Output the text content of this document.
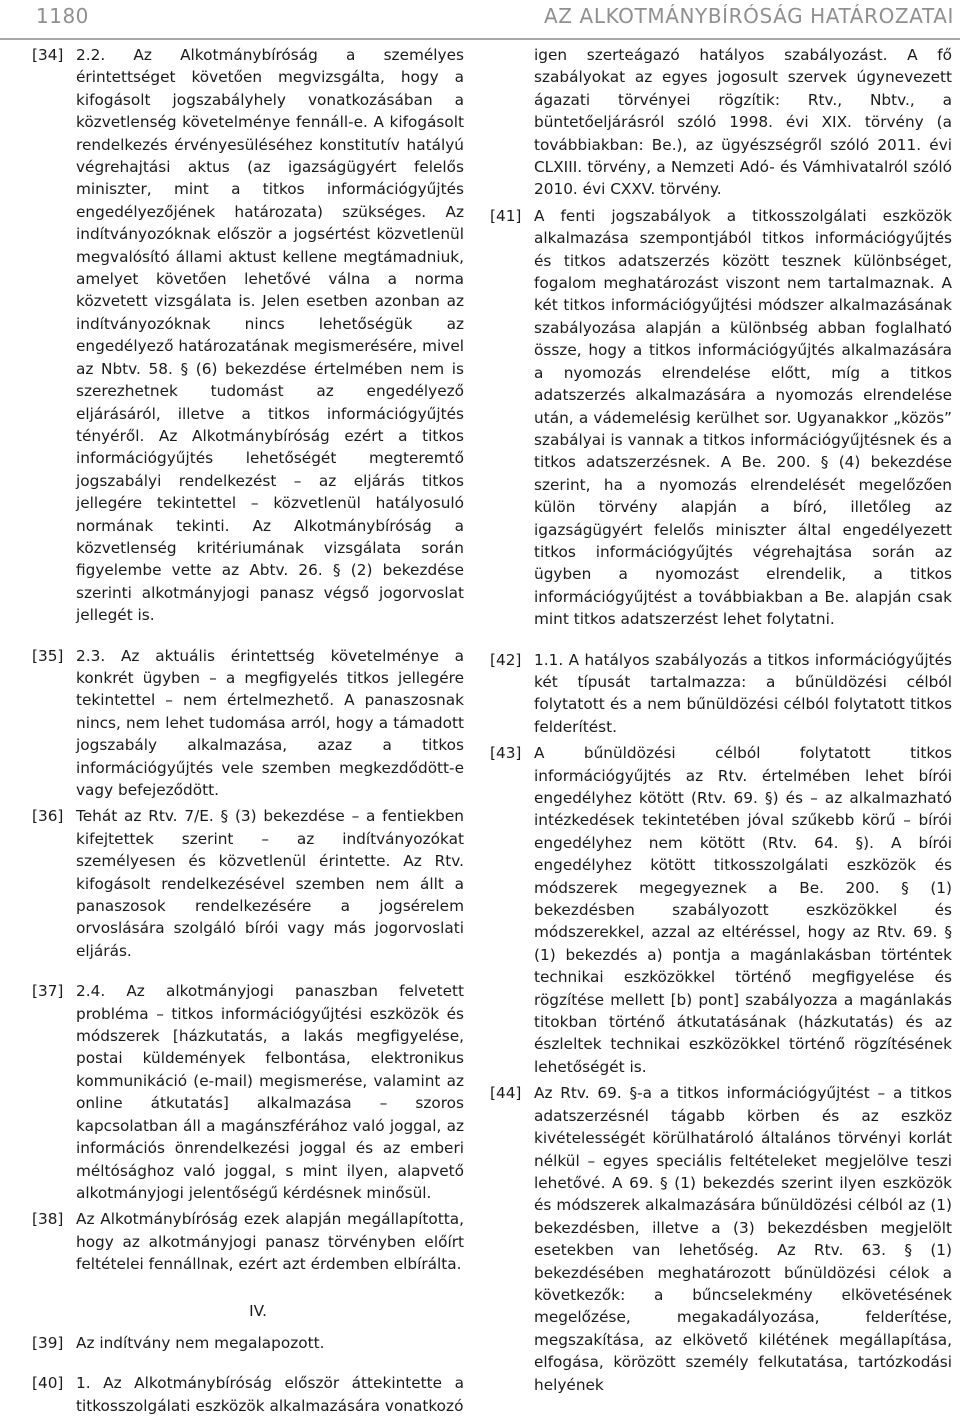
1180	AZ ALKOTMÁNYBÍRÓSÁG HATÁROZATAI
[34] 2.2. Az Alkotmánybíróság a személyes érintettséget követően megvizsgálta, hogy a kifogásolt jogszabályhely vonatkozásában a közvetlenség követelménye fennáll-e. A kifogásolt rendelkezés érvényesüléséhez konstitutív hatályú végrehajtási aktus (az igazságügyért felelős miniszter, mint a titkos információgyűjtés engedélyezőjének határozata) szükséges. Az indítványozóknak először a jogsértést közvetlenül megvalósító állami aktust kellene megtámadniuk, amelyet követően lehetővé válna a norma közvetett vizsgálata is. Jelen esetben azonban az indítványozóknak nincs lehetőségük az engedélyező határozatának megismerésére, mivel az Nbtv. 58. § (6) bekezdése értelmében nem is szerezhetnek tudomást az engedélyező eljárásáról, illetve a titkos információgyűjtés tényéről. Az Alkotmánybíróság ezért a titkos információgyűjtés lehetőségét megteremtő jogszabályi rendelkezést – az eljárás titkos jellegére tekintettel – közvetlenül hatályosuló normának tekinti. Az Alkotmánybíróság a közvetlenség kritériumának vizsgálata során figyelembe vette az Abtv. 26. § (2) bekezdése szerinti alkotmányjogi panasz végső jogorvoslat jellegét is.
[35] 2.3. Az aktuális érintettség követelménye a konkrét ügyben – a megfigyelés titkos jellegére tekintettel – nem értelmezhető. A panaszosnak nincs, nem lehet tudomása arról, hogy a támadott jogszabály alkalmazása, azaz a titkos információgyűjtés vele szemben megkezdődött-e vagy befejeződött.
[36] Tehát az Rtv. 7/E. § (3) bekezdése – a fentiekben kifejtettek szerint – az indítványozókat személyesen és közvetlenül érintette. Az Rtv. kifogásolt rendelkezésével szemben nem állt a panaszosok rendelkezésére a jogsérelem orvoslására szolgáló bírói vagy más jogorvoslati eljárás.
[37] 2.4. Az alkotmányjogi panaszban felvetett probléma – titkos információgyűjtési eszközök és módszerek [házkutatás, a lakás megfigyelése, postai küldemények felbontása, elektronikus kommunikáció (e-mail) megismerése, valamint az online átkutatás] alkalmazása – szoros kapcsolatban áll a magánszférához való joggal, az információs önrendelkezési joggal és az emberi méltósághoz való joggal, s mint ilyen, alapvető alkotmányjogi jelentőségű kérdésnek minősül.
[38] Az Alkotmánybíróság ezek alapján megállapította, hogy az alkotmányjogi panasz törvényben előírt feltételei fennállnak, ezért azt érdemben elbírálta.
IV.
[39] Az indítvány nem megalapozott.
[40] 1. Az Alkotmánybíróság először áttekintette a titkosszolgálati eszközök alkalmazására vonatkozó
igen szerteágazó hatályos szabályozást. A fő szabályokat az egyes jogosult szervek úgynevezett ágazati törvényei rögzítik: Rtv., Nbtv., a büntetőeljárásról szóló 1998. évi XIX. törvény (a továbbiakban: Be.), az ügyészségről szóló 2011. évi CLXIII. törvény, a Nemzeti Adó- és Vámhivatalról szóló 2010. évi CXXV. törvény.
[41] A fenti jogszabályok a titkosszolgálati eszközök alkalmazása szempontjából titkos információgyűjtés és titkos adatszerzés között tesznek különbséget, fogalom meghatározást viszont nem tartalmaznak. A két titkos információgyűjtési módszer alkalmazásának szabályozása alapján a különbség abban foglalható össze, hogy a titkos információgyűjtés alkalmazására a nyomozás elrendelése előtt, míg a titkos adatszerzés alkalmazására a nyomozás elrendelése után, a vádemelésig kerülhet sor. Ugyanakkor „közös” szabályai is vannak a titkos információgyűjtésnek és a titkos adatszerzésnek. A Be. 200. § (4) bekezdése szerint, ha a nyomozás elrendelését megelőzően külön törvény alapján a bíró, illetőleg az igazságügyért felelős miniszter által engedélyezett titkos információgyűjtés végrehajtása során az ügyben a nyomozást elrendelik, a titkos információgyűjtést a továbbiakban a Be. alapján csak mint titkos adatszerzést lehet folytatni.
[42] 1.1. A hatályos szabályozás a titkos információgyűjtés két típusát tartalmazza: a bűnüldözési célból folytatott és a nem bűnüldözési célból folytatott titkos felderítést.
[43] A bűnüldözési célból folytatott titkos információgyűjtés az Rtv. értelmében lehet bírói engedélyhez kötött (Rtv. 69. §) és – az alkalmazható intézkedések tekintetében jóval szűkebb körű – bírói engedélyhez nem kötött (Rtv. 64. §). A bírói engedélyhez kötött titkosszolgálati eszközök és módszerek megegyeznek a Be. 200. § (1) bekezdésben szabályozott eszközökkel és módszerekkel, azzal az eltéréssel, hogy az Rtv. 69. § (1) bekezdés a) pontja a magánlakásban történtek technikai eszközökkel történő megfigyelése és rögzítése mellett [b) pont] szabályozza a magánlakás titokban történő átkutatásának (házkutatás) és az észleltek technikai eszközökkel történő rögzítésének lehetőségét is.
[44] Az Rtv. 69. §-a a titkos információgyűjtést – a titkos adatszerzésnél tágabb körben és az eszköz kivételességét körülhatároló általános törvényi korlát nélkül – egyes speciális feltételeket megjelölve teszi lehetővé. A 69. § (1) bekezdés szerint ilyen eszközök és módszerek alkalmazására bűnüldözési célból az (1) bekezdésben, illetve a (3) bekezdésben megjelölt esetekben van lehetőség. Az Rtv. 63. § (1) bekezdésében meghatározott bűnüldözési célok a következők: a bűncselekmény elkövetésének megelőzése, megakadályozása, felderítése, megszakítása, az elkövető kilétének megállapítása, elfogása, körözött személy felkutatása, tartózkodási helyének
